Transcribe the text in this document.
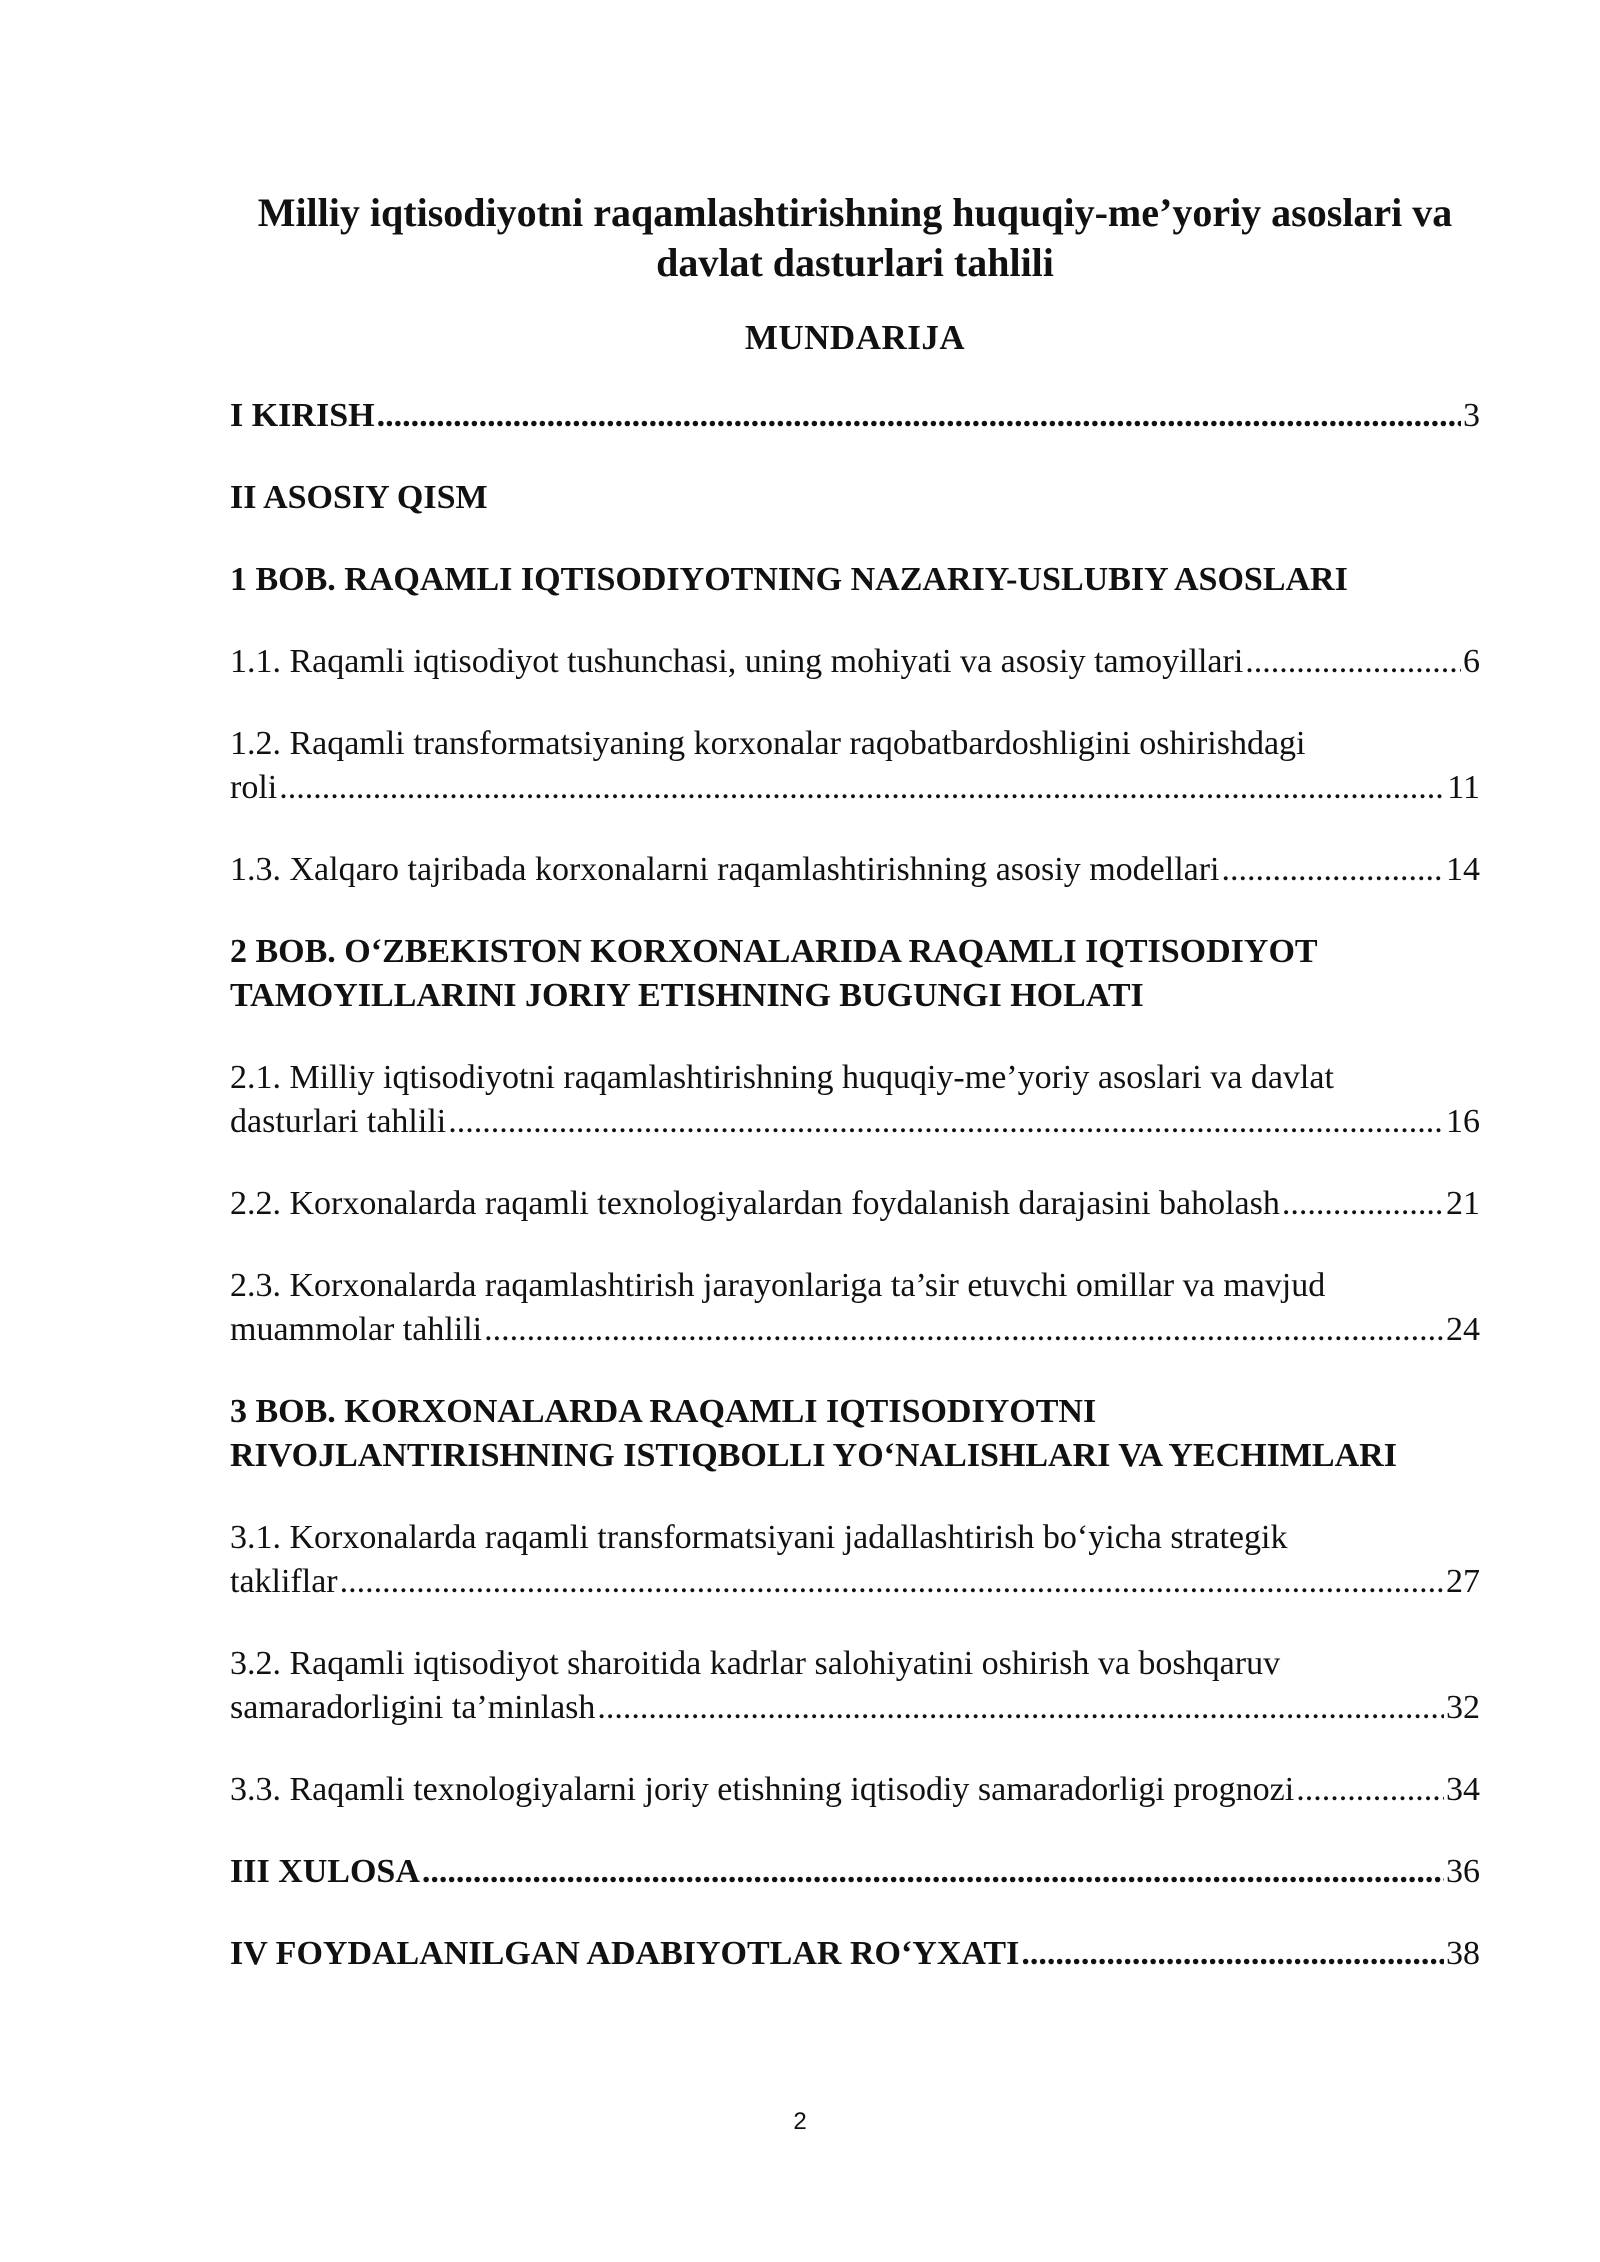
Milliy iqtisodiyotni raqamlashtirishning huquqiy-me’yoriy asoslari va davlat dasturlari tahlili
MUNDARIJA
I KIRISH .....	3
II ASOSIY QISM
1 BOB. RAQAMLI IQTISODIYOTNING NAZARIY-USLUBIY ASOSLARI
1.1. Raqamli iqtisodiyot tushunchasi, uning mohiyati va asosiy tamoyillari .....	6
1.2. Raqamli transformatsiyaning korxonalar raqobatbardoshligini oshirishdagi
roli .....	11
1.3. Xalqaro tajribada korxonalarni raqamlashtirishning asosiy modellari .....	14
2 BOB. O‘ZBEKISTON KORXONALARIDA RAQAMLI IQTISODIYOT TAMOYILLARINI JORIY ETISHNING BUGUNGI HOLATI
2.1. Milliy iqtisodiyotni raqamlashtirishning huquqiy-me’yoriy asoslari va davlat
dasturlari tahlili .....	16
2.2. Korxonalarda raqamli texnologiyalardan foydalanish darajasini baholash .....	21
2.3. Korxonalarda raqamlashtirish jarayonlariga ta’sir etuvchi omillar va mavjud
muammolar tahlili .....	24
3 BOB. KORXONALARDA RAQAMLI IQTISODIYOTNI RIVOJLANTIRISHNING ISTIQBOLLI YO‘NALISHLARI VA YECHIMLARI
3.1. Korxonalarda raqamli transformatsiyani jadallashtirish bo‘yicha strategik
takliflar .....	27
3.2. Raqamli iqtisodiyot sharoitida kadrlar salohiyatini oshirish va boshqaruv
samaradorligini ta’minlash .....	32
3.3. Raqamli texnologiyalarni joriy etishning iqtisodiy samaradorligi prognozi .....	34
III XULOSA .....	36
IV FOYDALANILGAN ADABIYOTLAR RO‘YXATI .....	38
2
